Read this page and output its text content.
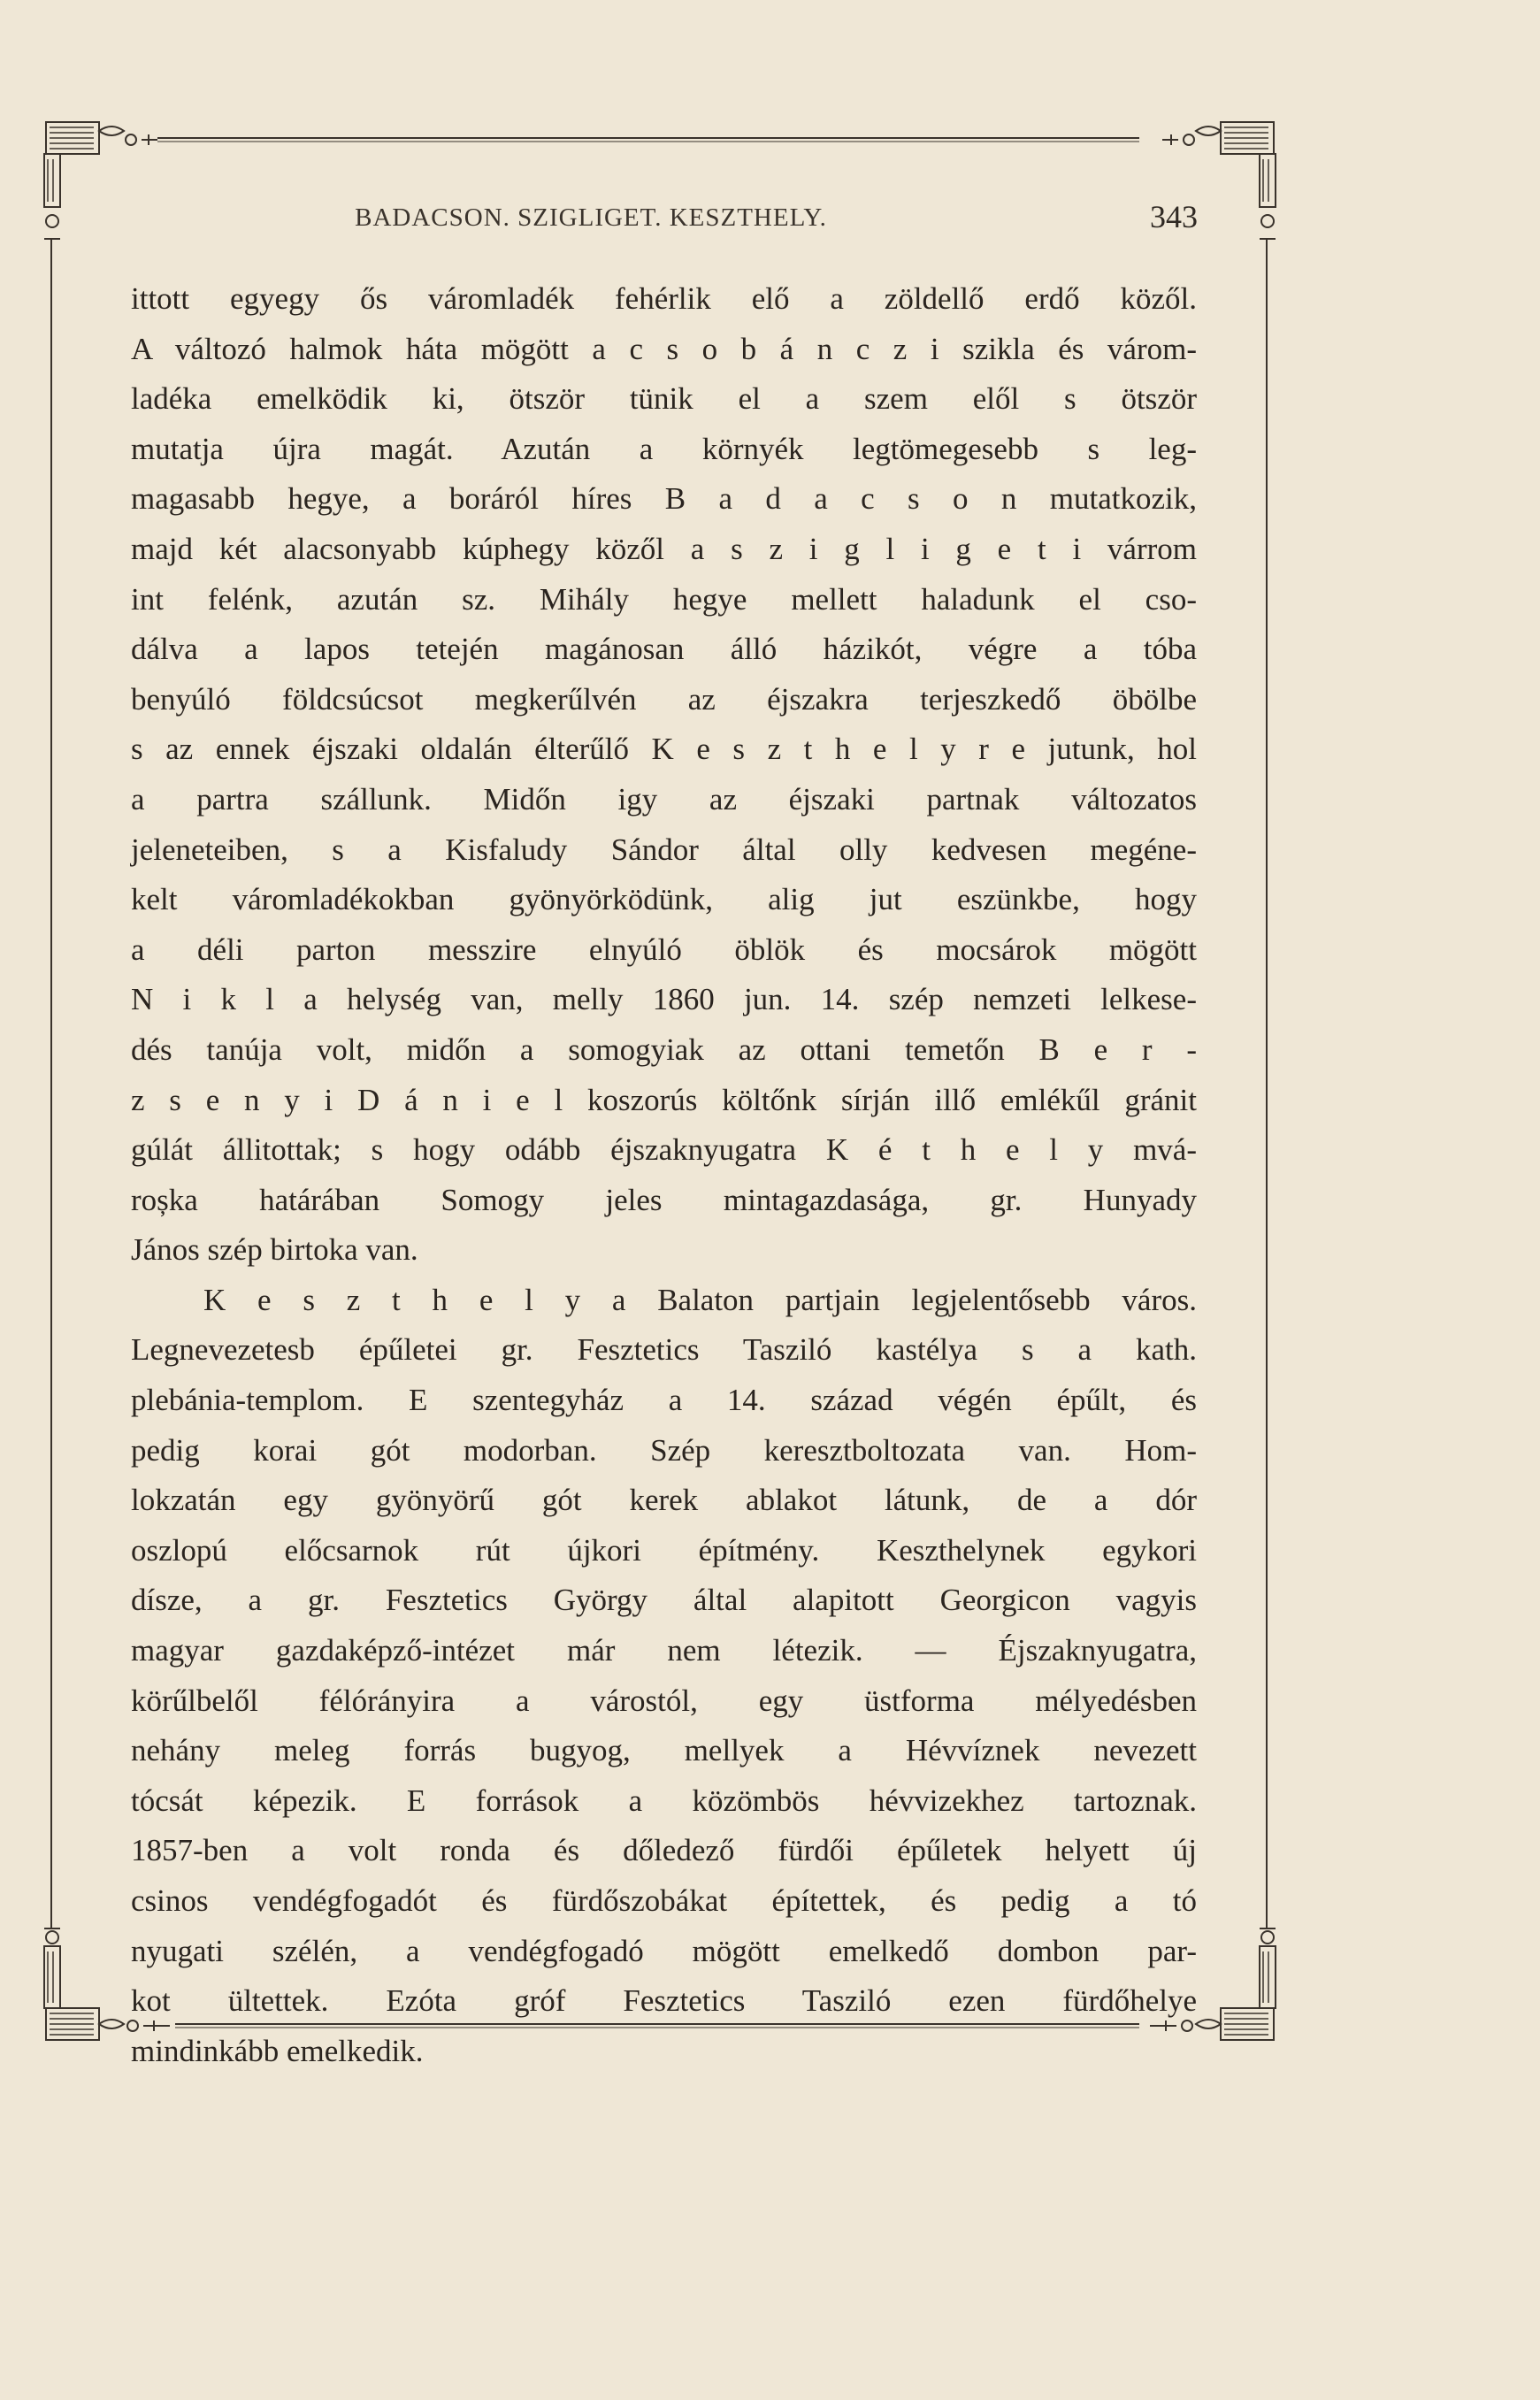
BADACSON. SZIGLIGET. KESZTHELY.	343
ittott egyegy ős váromladék fehérlik elő a zöldellő erdő közől.
A változó halmok háta mögött a c s o b á n c z i szikla és várom-
ladéka emelködik ki, ötször tünik el a szem elől s ötször
mutatja újra magát. Azután a környék legtömegesebb s leg-
magasabb hegye, a boráról híres B a d a c s o n mutatkozik,
majd két alacsonyabb kúphegy közől a s z i g l i g e t i várrom
int felénk, azután sz. Mihály hegye mellett haladunk el cso-
dálva a lapos tetején magánosan álló házikót, végre a tóba
benyúló földcsúcsot megkerűlvén az éjszakra terjeszkedő öbölbe
s az ennek éjszaki oldalán élterűlő K e s z t h e l y r e jutunk, hol
a partra szállunk. Midőn igy az éjszaki partnak változatos
jeleneteiben, s a Kisfaludy Sándor által olly kedvesen megéne-
kelt váromladékokban gyönyörködünk, alig jut eszünkbe, hogy
a déli parton messzire elnyúló öblök és mocsárok mögött
N i k l a helység van, melly 1860 jun. 14. szép nemzeti lelkese-
dés tanúja volt, midőn a somogyiak az ottani temetőn B e r -
z s e n y i D á n i e l koszorús költőnk sírján illő emlékűl gránit
gúlát állitottak; s hogy odább éjszaknyugatra K é t h e l y mvá-
roșka határában Somogy jeles mintagazdasága, gr. Hunyady
János szép birtoka van.
K e s z t h e l y a Balaton partjain legjelentősebb város.
Legnevezetesb épűletei gr. Fesztetics Tasziló kastélya s a kath.
plebánia-templom. E szentegyház a 14. század végén épűlt, és
pedig korai gót modorban. Szép keresztboltozata van. Hom-
lokzatán egy gyönyörű gót kerek ablakot látunk, de a dór
oszlopú előcsarnok rút újkori építmény. Keszthelynek egykori
dísze, a gr. Fesztetics György által alapitott Georgicon vagyis
magyar gazdaképző-intézet már nem létezik. — Éjszaknyugatra,
körűlbelől félórányira a várostól, egy üstforma mélyedésben
nehány meleg forrás bugyog, mellyek a Hévvíznek nevezett
tócsát képezik. E források a közömbös hévvizekhez tartoznak.
1857-ben a volt ronda és dőledező fürdői épűletek helyett új
csinos vendégfogadót és fürdőszobákat építettek, és pedig a tó
nyugati szélén, a vendégfogadó mögött emelkedő dombon par-
kot ültettek. Ezóta gróf Fesztetics Tasziló ezen fürdőhelye
mindinkább emelkedik.
